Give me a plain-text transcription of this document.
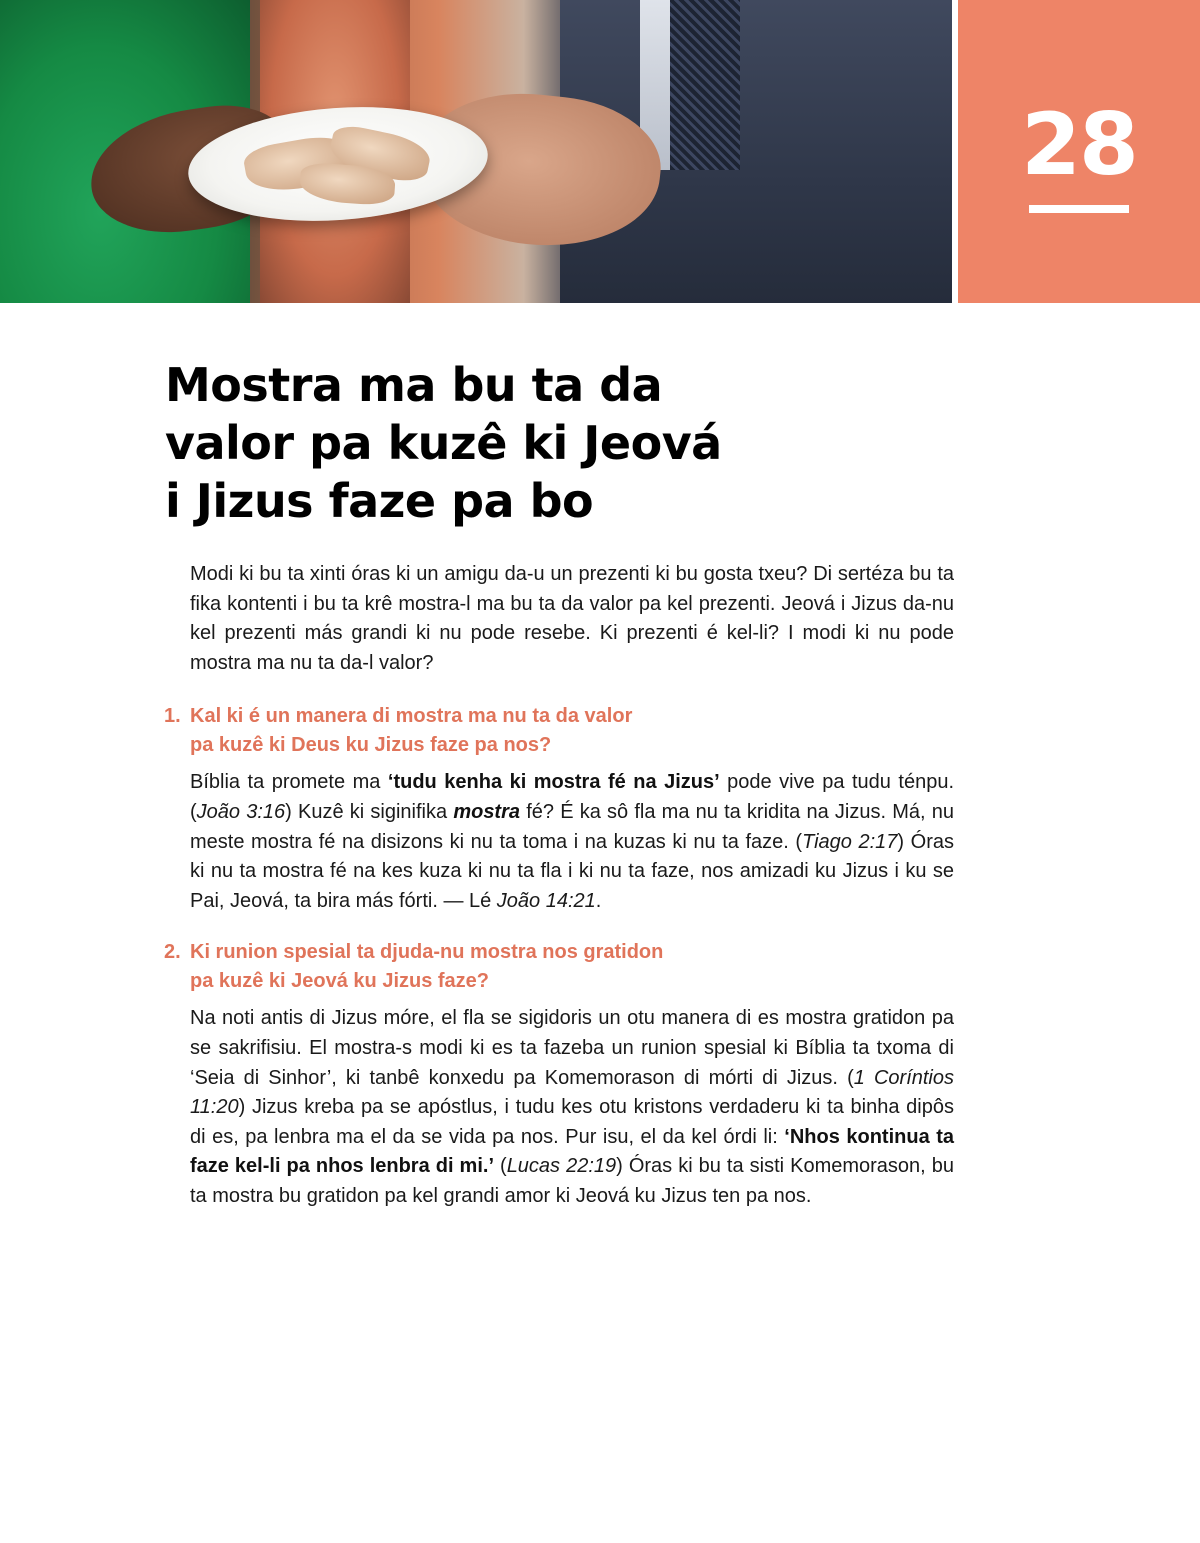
28
Mostra ma bu ta da
valor pa kuzê ki Jeová
i Jizus faze pa bo

Modi ki bu ta xinti óras ki un amigu da-u un prezenti ki bu gosta txeu? Di sertéza bu ta fika kontenti i bu ta krê mostra-l ma bu ta da valor pa kel prezenti. Jeová i Jizus da-nu kel prezenti más grandi ki nu pode resebe. Ki prezenti é kel-li? I modi ki nu pode mostra ma nu ta da-l valor?

1. Kal ki é un manera di mostra ma nu ta da valor
pa kuzê ki Deus ku Jizus faze pa nos?

Bíblia ta promete ma ‘tudu kenha ki mostra fé na Jizus’ pode vive pa tudu ténpu. (João 3:16) Kuzê ki siginifika mostra fé? É ka sô fla ma nu ta kridita na Jizus. Má, nu meste mostra fé na disizons ki nu ta toma i na kuzas ki nu ta faze. (Tiago 2:17) Óras ki nu ta mostra fé na kes kuza ki nu ta fla i ki nu ta faze, nos amizadi ku Jizus i ku se Pai, Jeová, ta bira más fórti. — Lé João 14:21.

2. Ki runion spesial ta djuda-nu mostra nos gratidon
pa kuzê ki Jeová ku Jizus faze?

Na noti antis di Jizus móre, el fla se sigidoris un otu manera di es mostra gratidon pa se sakrifisiu. El mostra-s modi ki es ta fazeba un runion spesial ki Bíblia ta txoma di ‘Seia di Sinhor’, ki tanbê konxedu pa Komemorason di mórti di Jizus. (1 Coríntios 11:20) Jizus kreba pa se apóstlus, i tudu kes otu kristons verdaderu ki ta binha dipôs di es, pa lenbra ma el da se vida pa nos. Pur isu, el da kel órdi li: ‘Nhos kontinua ta faze kel-li pa nhos lenbra di mi.’ (Lucas 22:19) Óras ki bu ta sisti Komemorason, bu ta mostra bu gratidon pa kel grandi amor ki Jeová ku Jizus ten pa nos.
